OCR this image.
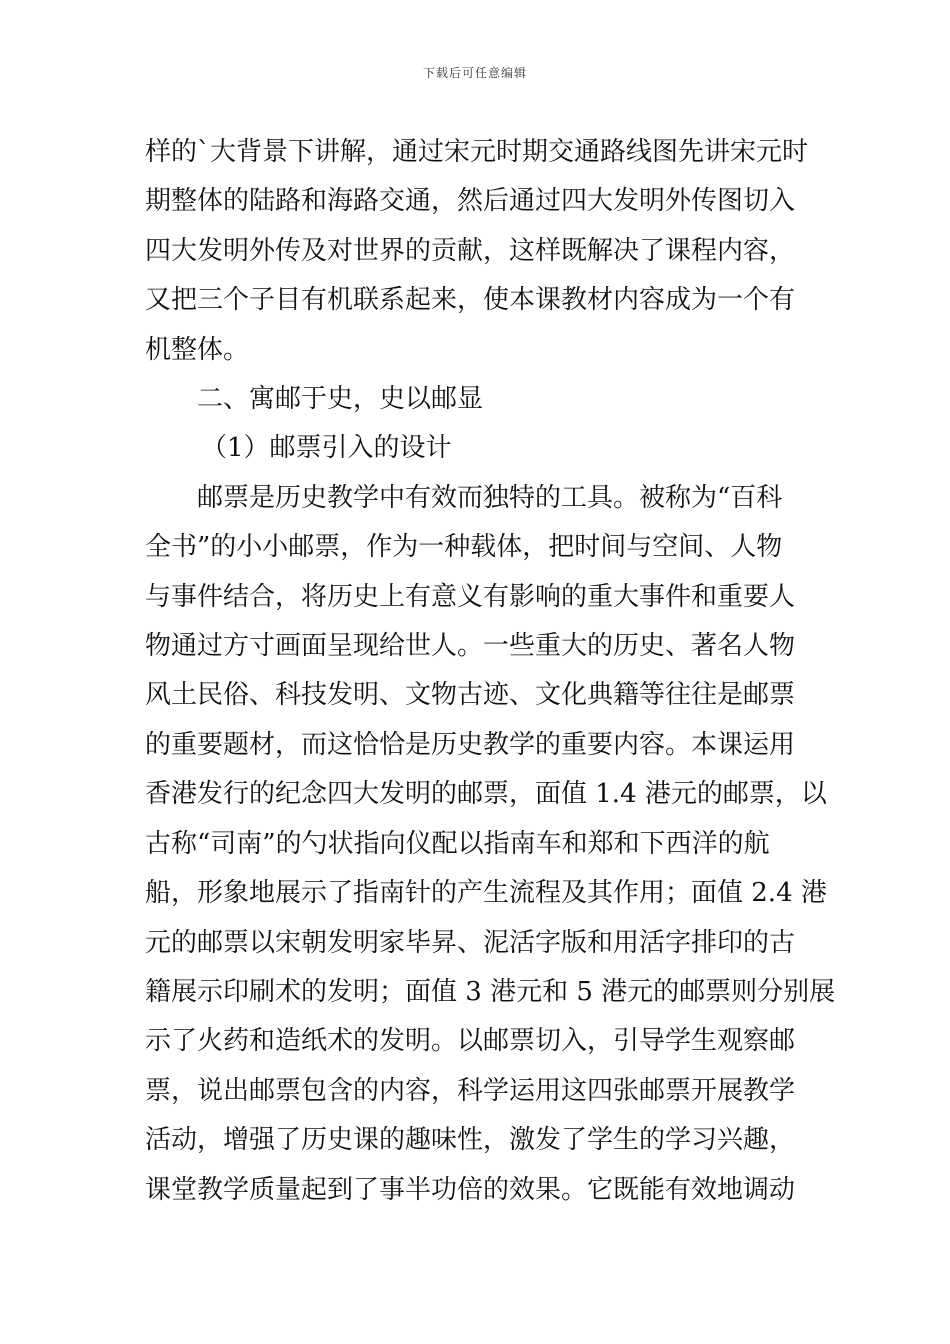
下载后可任意编辑

样的`大背景下讲解，通过宋元时期交通路线图先讲宋元时

期整体的陆路和海路交通，然后通过四大发明外传图切入

四大发明外传及对世界的贡献，这样既解决了课程内容，

又把三个子目有机联系起来，使本课教材内容成为一个有

机整体。

二、寓邮于史，史以邮显

（1）邮票引入的设计

邮票是历史教学中有效而独特的工具。被称为“百科

全书”的小小邮票，作为一种载体，把时间与空间、人物

与事件结合，将历史上有意义有影响的重大事件和重要人

物通过方寸画面呈现给世人。一些重大的历史、著名人物

风土民俗、科技发明、文物古迹、文化典籍等往往是邮票

的重要题材，而这恰恰是历史教学的重要内容。本课运用

香港发行的纪念四大发明的邮票，面值 1.4 港元的邮票，以

古称“司南”的勺状指向仪配以指南车和郑和下西洋的航

船，形象地展示了指南针的产生流程及其作用；面值 2.4 港

元的邮票以宋朝发明家毕昇、泥活字版和用活字排印的古

籍展示印刷术的发明；面值 3 港元和 5 港元的邮票则分别展

示了火药和造纸术的发明。以邮票切入，引导学生观察邮

票，说出邮票包含的内容，科学运用这四张邮票开展教学

活动，增强了历史课的趣味性，激发了学生的学习兴趣，

课堂教学质量起到了事半功倍的效果。它既能有效地调动
